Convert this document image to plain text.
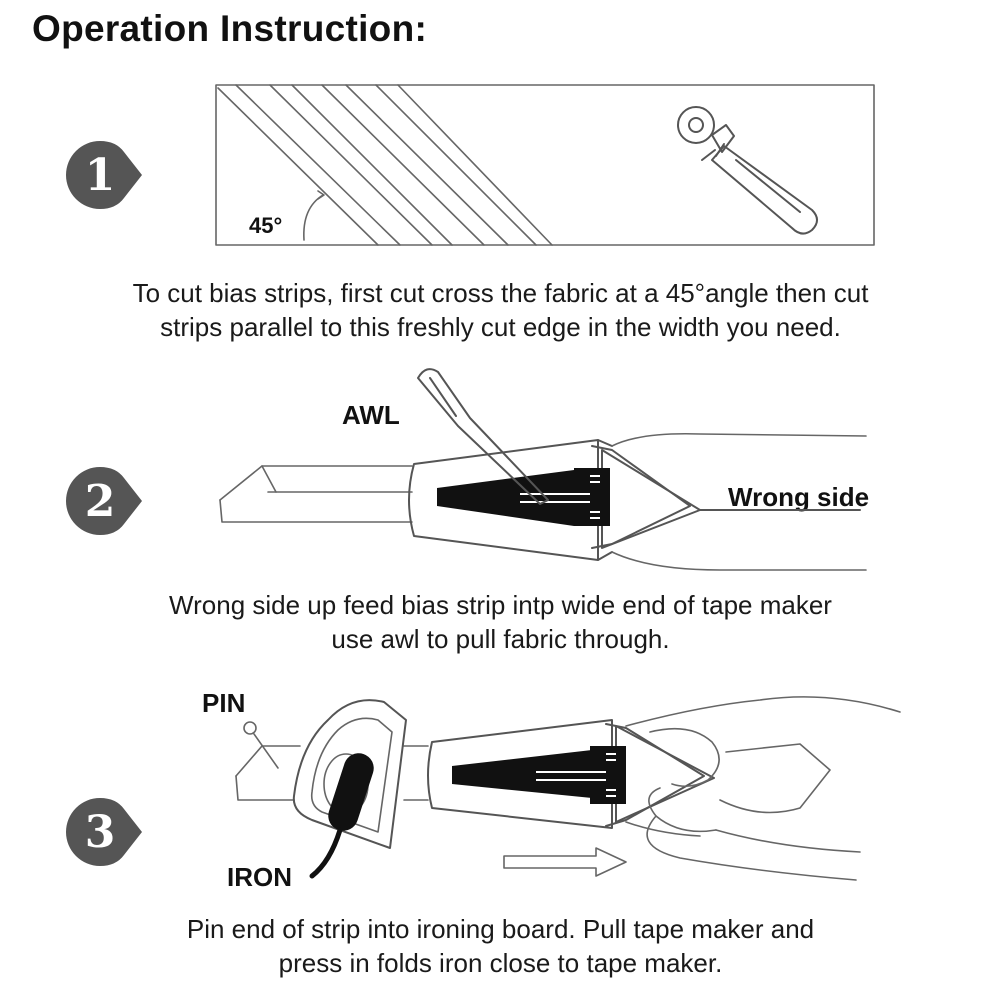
Operation Instruction:
1
45°
To cut bias strips, first cut cross the fabric at a 45°angle then cut
strips parallel to this freshly cut edge in the width you need.
2
AWL
Wrong side
Wrong side up feed bias strip intp wide end of tape maker
use awl to pull fabric through.
3
PIN
IRON
Pin end of strip into ironing board. Pull tape maker and
press in folds iron close to tape maker.
